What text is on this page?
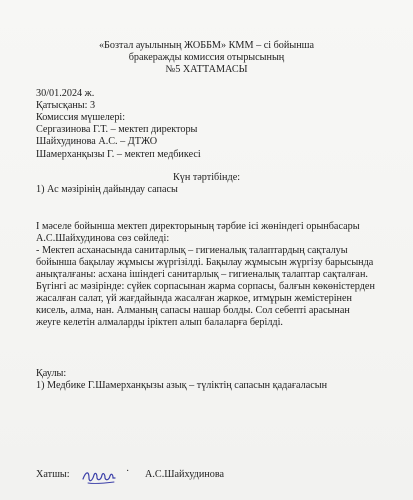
«Бозтал ауылының ЖОББМ» КММ – сі бойынша
бракеражды комиссия отырысының
№5 ХАТТАМАСЫ
30/01.2024 ж.
Қатысқаны: 3
Комиссия мүшелері:
Сергазинова Г.Т. – мектеп директоры
Шайхудинова А.С. – ДТЖО
Шамерханқызы Г. – мектеп медбикесі
Күн тәртібінде:
1) Ас мәзірінің дайындау сапасы
І мәселе бойынша мектеп директорының тәрбие ісі жөніндегі орынбасары
А.С.Шайхудинова сөз сөйледі:
- Мектеп асханасында санитарлық – гигиеналық талаптардың сақталуы
бойынша бақылау жұмысы жүргізілді. Бақылау жұмысын жүргізу барысында
анықталғаны: асхана ішіндегі санитарлық – гигиеналық талаптар сақталған.
Бүгінгі ас мәзірінде: сүйек сорпасынан жарма сорпасы, балғын көкөністерден
жасалған салат, үй жағдайында жасалған жаркое, итмұрын жемістерінен
кисель, алма, нан. Алманың сапасы нашар болды. Сол себепті арасынан
жеуге келетін алмаларды іріктеп алып балаларға берілді.
Қаулы:
1) Медбике Г.Шамерханқызы азық – түліктің сапасын қадағаласын
Хатшы:	· А.С.Шайхудинова
